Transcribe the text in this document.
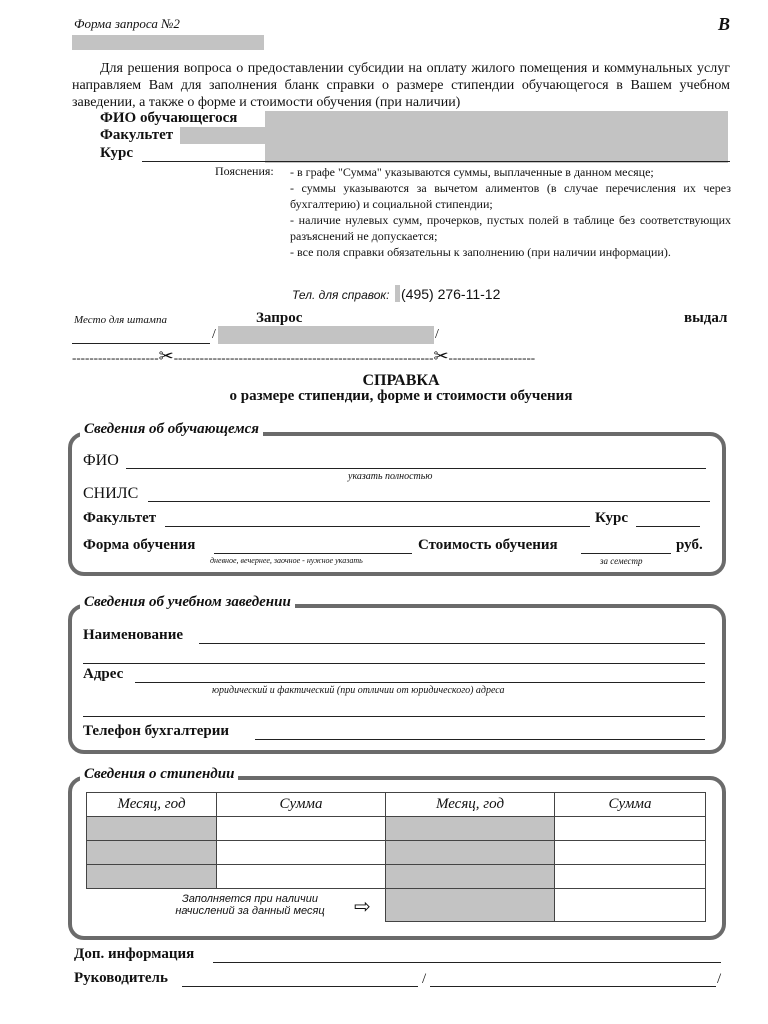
Форма запроса №2	В
Для решения вопроса о предоставлении субсидии на оплату жилого помещения и коммунальных услуг направляем Вам для заполнения бланк справки о размере стипендии обучающегося в Вашем учебном заведении, а также о форме и стоимости обучения (при наличии)
ФИО обучающегося
Факультет
Курс
Пояснения: - в графе "Сумма" указываются суммы, выплаченные в данном месяце;
- суммы указываются за вычетом алиментов (в случае перечисления их через бухгалтерию) и социальной стипендии;
- наличие нулевых сумм, прочерков, пустых полей в таблице без соответствующих разъяснений не допускается;
- все поля справки обязательны к заполнению (при наличии информации).
Тел. для справок: (495) 276-11-12
Место для штампа	Запрос	выдал
/	/
--------------------✂------------------------------------------------------------✂--------------------
СПРАВКА
о размере стипендии, форме и стоимости обучения
Сведения об обучающемся
ФИО
указать полностью
СНИЛС
Факультет	Курс
Форма обучения
дневное, вечернее, заочное - нужное указать
Стоимость обучения	руб.
за семестр
Сведения об учебном заведении
Наименование
Адрес
юридический и фактический (при отличии от юридического) адреса
Телефон бухгалтерии
Сведения о стипендии
Месяц, год	Сумма	Месяц, год	Сумма

Заполняется при наличии
начислений за данный месяц	⇨
Доп. информация
Руководитель	/	/
